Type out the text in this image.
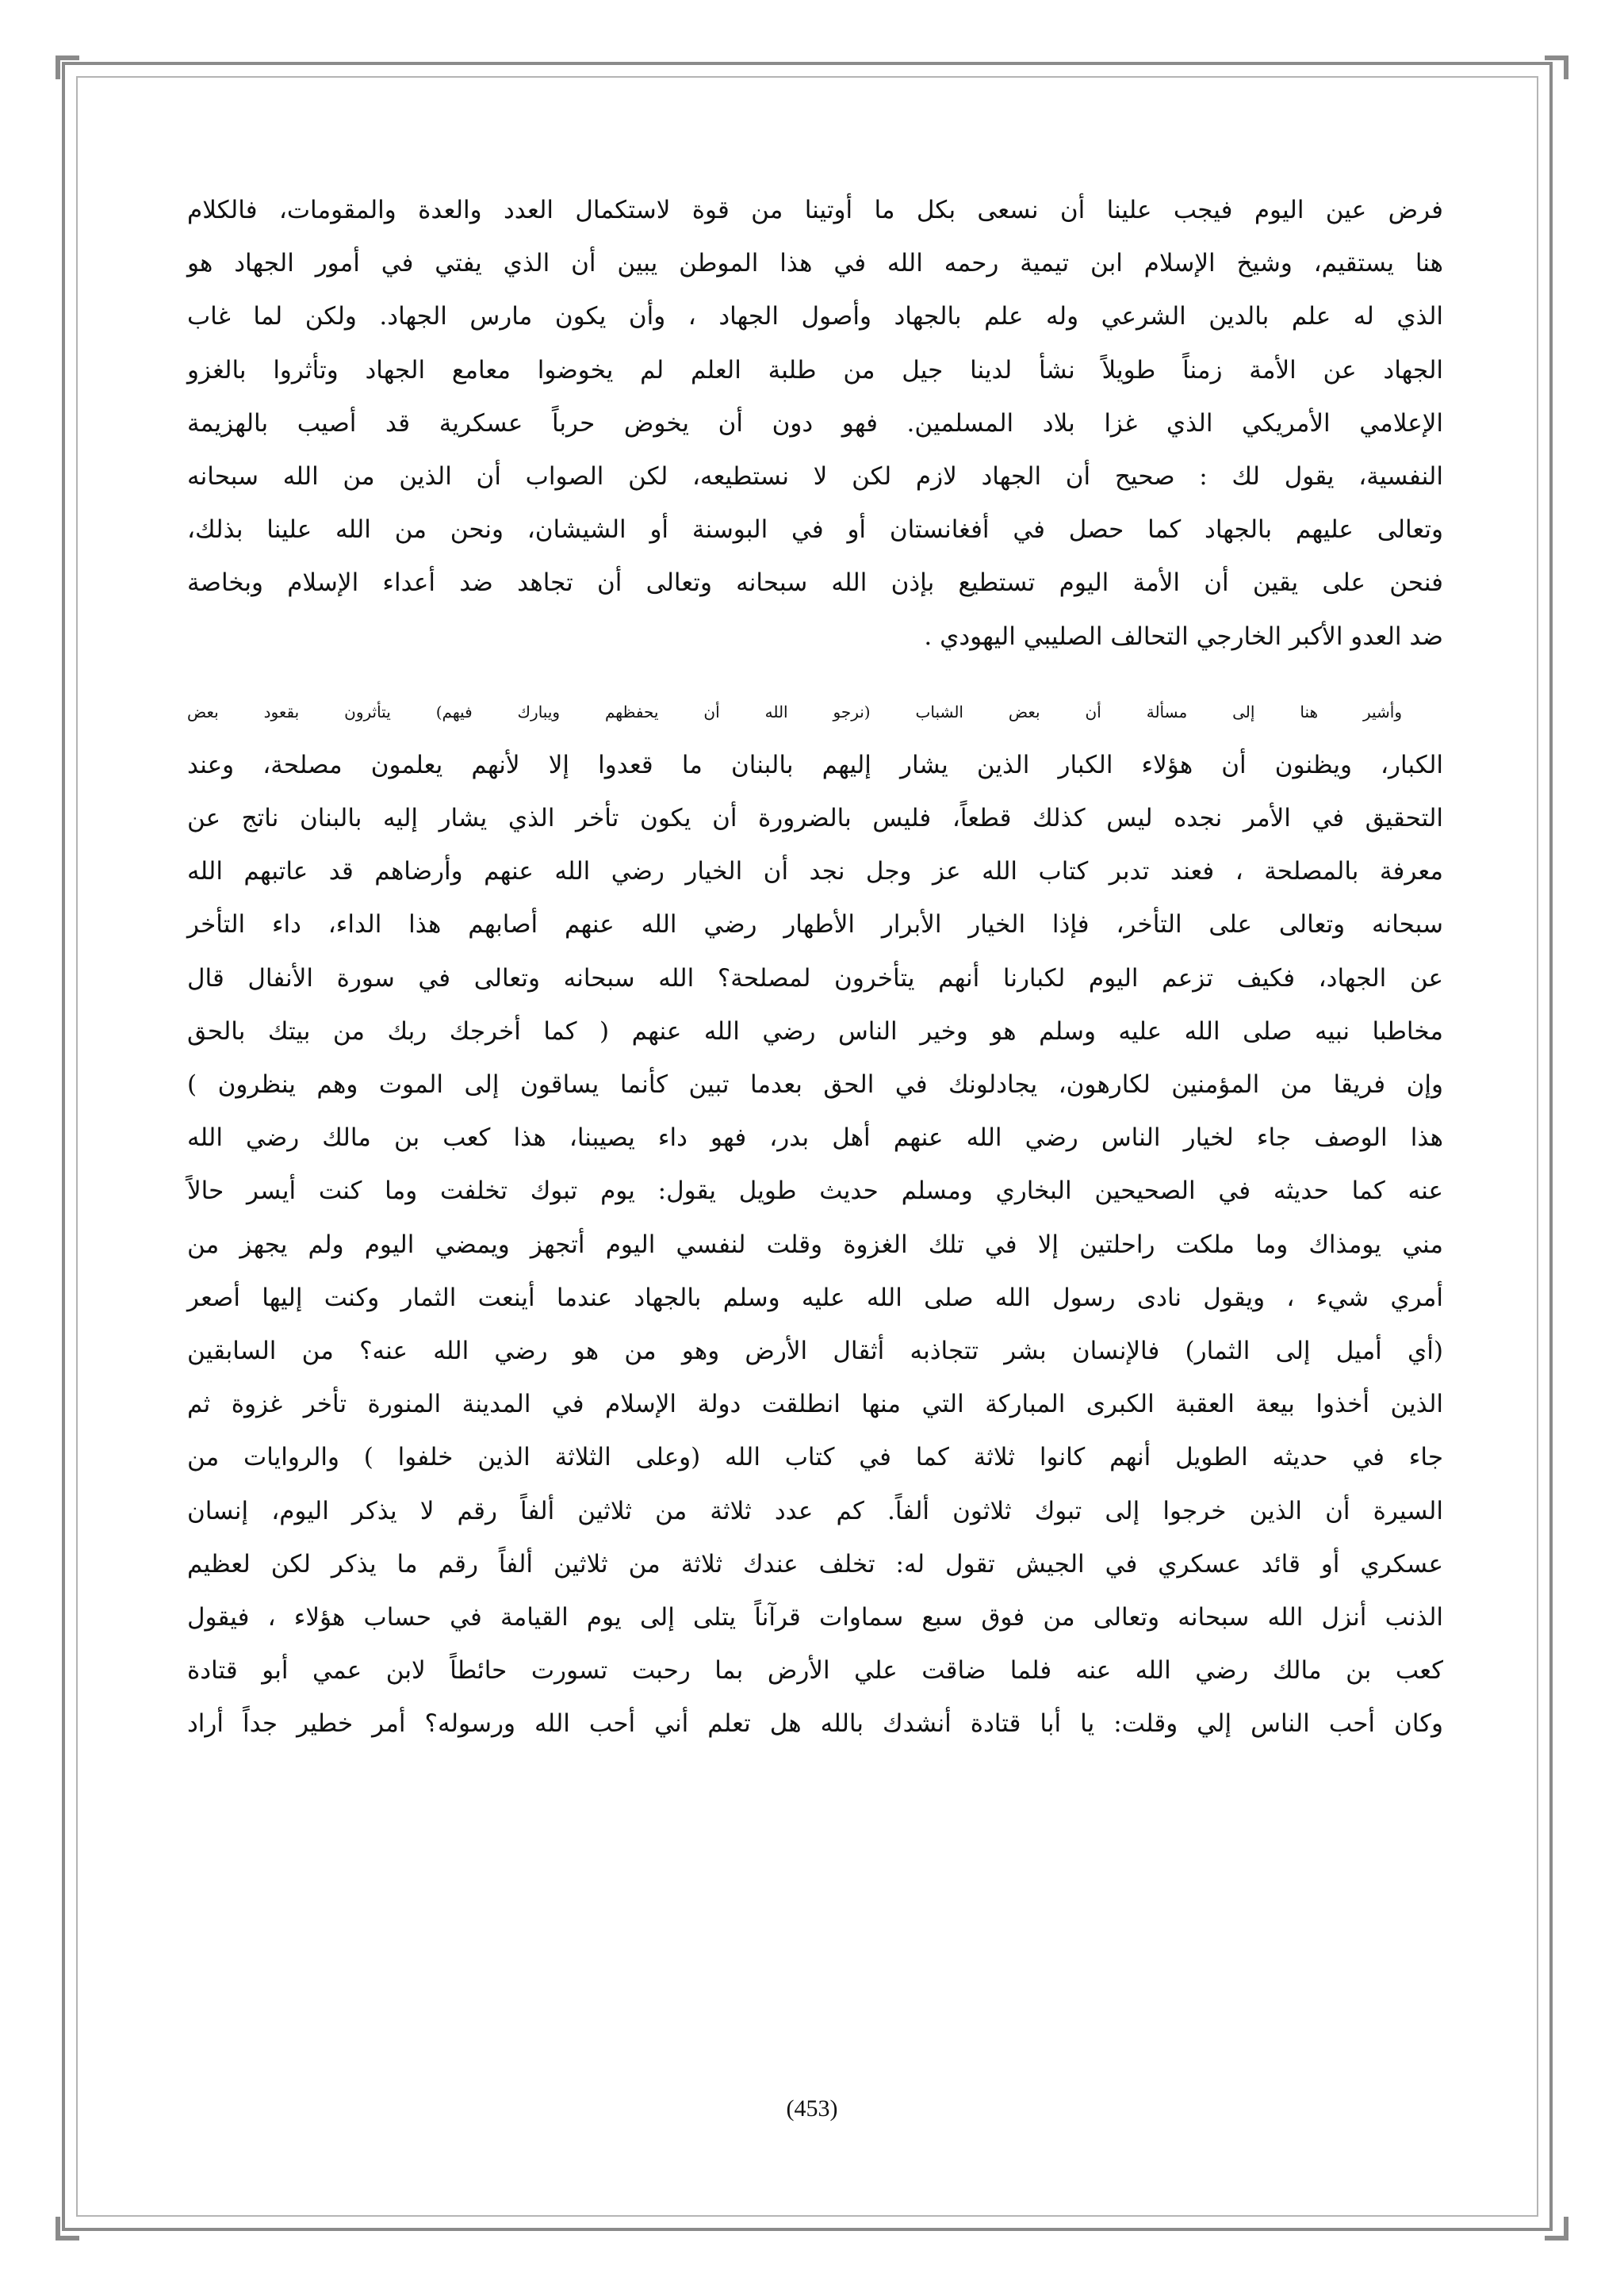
فرض عين اليوم فيجب علينا أن نسعى بكل ما أوتينا من قوة لاستكمال العدد والعدة والمقومات، فالكلام
هنا يستقيم، وشيخ الإسلام ابن تيمية رحمه الله في هذا الموطن يبين أن الذي يفتي في أمور الجهاد هو
الذي له علم بالدين الشرعي وله علم بالجهاد وأصول الجهاد ، وأن يكون مارس الجهاد. ولكن لما غاب
الجهاد عن الأمة زمناً طويلاً نشأ لدينا جيل من طلبة العلم لم يخوضوا معامع الجهاد وتأثروا بالغزو
الإعلامي الأمريكي الذي غزا بلاد المسلمين. فهو دون أن يخوض حرباً عسكرية قد أصيب بالهزيمة
النفسية، يقول لك : صحيح أن الجهاد لازم لكن لا نستطيعه، لكن الصواب أن الذين من الله سبحانه
وتعالى عليهم بالجهاد كما حصل في أفغانستان أو في البوسنة أو الشيشان، ونحن من الله علينا بذلك،
فنحن على يقين أن الأمة اليوم تستطيع بإذن الله سبحانه وتعالى أن تجاهد ضد أعداء الإسلام وبخاصة
ضد العدو الأكبر الخارجي التحالف الصليبي اليهودي .
وأشير هنا إلى مسألة أن بعض الشباب (نرجو الله أن يحفظهم ويبارك فيهم) يتأثرون بقعود بعض
الكبار، ويظنون أن هؤلاء الكبار الذين يشار إليهم بالبنان ما قعدوا إلا لأنهم يعلمون مصلحة، وعند
التحقيق في الأمر نجده ليس كذلك قطعاً، فليس بالضرورة أن يكون تأخر الذي يشار إليه بالبنان ناتج عن
معرفة بالمصلحة ، فعند تدبر كتاب الله عز وجل نجد أن الخيار رضي الله عنهم وأرضاهم قد عاتبهم الله
سبحانه وتعالى على التأخر، فإذا الخيار الأبرار الأطهار رضي الله عنهم أصابهم هذا الداء، داء التأخر
عن الجهاد، فكيف تزعم اليوم لكبارنا أنهم يتأخرون لمصلحة؟ الله سبحانه وتعالى في سورة الأنفال قال
مخاطبا نبيه صلى الله عليه وسلم هو وخير الناس رضي الله عنهم ( كما أخرجك ربك من بيتك بالحق
وإن فريقا من المؤمنين لكارهون، يجادلونك في الحق بعدما تبين كأنما يساقون إلى الموت وهم ينظرون )
هذا الوصف جاء لخيار الناس رضي الله عنهم أهل بدر، فهو داء يصيبنا، هذا كعب بن مالك رضي الله
عنه كما حديثه في الصحيحين البخاري ومسلم حديث طويل يقول: يوم تبوك تخلفت وما كنت أيسر حالاً
مني يومذاك وما ملكت راحلتين إلا في تلك الغزوة وقلت لنفسي اليوم أتجهز ويمضي اليوم ولم يجهز من
أمري شيء ، ويقول نادى رسول الله صلى الله عليه وسلم بالجهاد عندما أينعت الثمار وكنت إليها أصعر
(أي أميل إلى الثمار) فالإنسان بشر تتجاذبه أثقال الأرض وهو من هو رضي الله عنه؟ من السابقين
الذين أخذوا بيعة العقبة الكبرى المباركة التي منها انطلقت دولة الإسلام في المدينة المنورة تأخر غزوة ثم
جاء في حديثه الطويل أنهم كانوا ثلاثة كما في كتاب الله (وعلى الثلاثة الذين خلفوا ) والروايات من
السيرة أن الذين خرجوا إلى تبوك ثلاثون ألفاً. كم عدد ثلاثة من ثلاثين ألفاً رقم لا يذكر اليوم، إنسان
عسكري أو قائد عسكري في الجيش تقول له: تخلف عندك ثلاثة من ثلاثين ألفاً رقم ما يذكر لكن لعظيم
الذنب أنزل الله سبحانه وتعالى من فوق سبع سماوات قرآناً يتلى إلى يوم القيامة في حساب هؤلاء ، فيقول
كعب بن مالك رضي الله عنه فلما ضاقت علي الأرض بما رحبت تسورت حائطاً لابن عمي أبو قتادة
وكان أحب الناس إلي وقلت: يا أبا قتادة أنشدك بالله هل تعلم أني أحب الله ورسوله؟ أمر خطير جداً أراد
(453)
